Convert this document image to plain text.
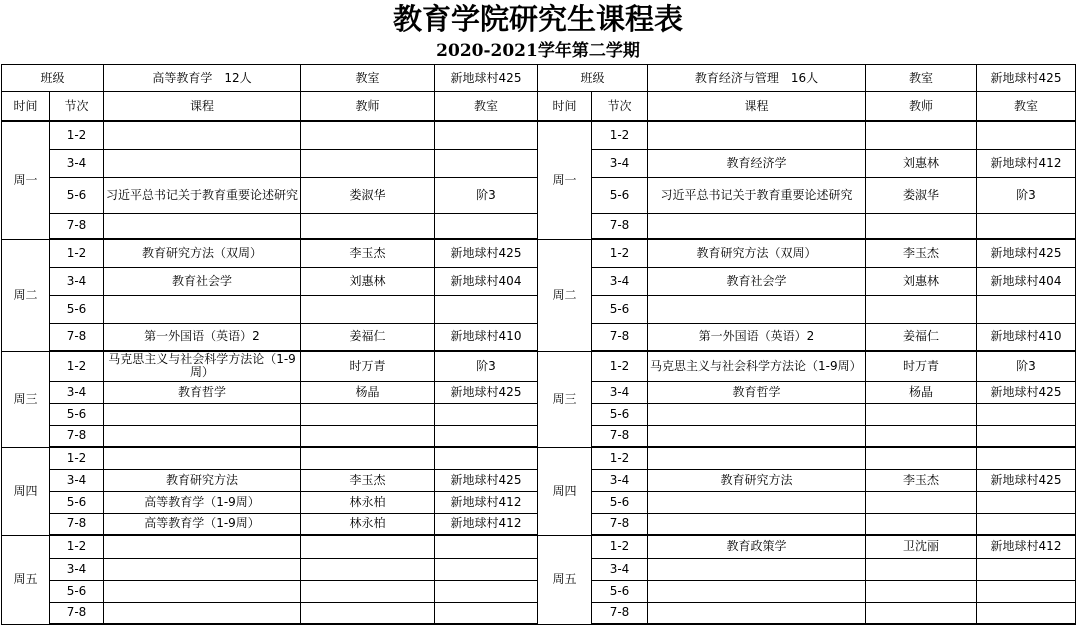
教育学院研究生课程表
2020-2021学年第二学期
班级		高等教育学　12人	教室	新地球村425	班级		教育经济与管理　16人	教室	新地球村425
时间	节次	课程	教师	教室	时间	节次	课程	教师	教室
周一	1-2				周一	1-2	

	3-4					3-4	教育经济学	刘惠林	新地球村412
	5-6	习近平总书记关于教育重要论述研究	娄淑华	阶3		5-6	习近平总书记关于教育重要论述研究	娄淑华	阶3
	7-8					7-8	

周二	1-2	教育研究方法（双周）	李玉杰	新地球村425	周二	1-2	教育研究方法（双周）	李玉杰	新地球村425
	3-4	教育社会学	刘惠林	新地球村404		3-4	教育社会学	刘惠林	新地球村404
	5-6					5-6	

	7-8	第一外国语（英语）2	姜福仁	新地球村410		7-8	第一外国语（英语）2	姜福仁	新地球村410
周三	1-2	马克思主义与社会科学方法论（1-9周）	时万青	阶3	周三	1-2	马克思主义与社会科学方法论（1-9周）	时万青	阶3
	3-4	教育哲学	杨晶	新地球村425		3-4	教育哲学	杨晶	新地球村425
	5-6					5-6	

	7-8					7-8	

周四	1-2				周四	1-2	

	3-4	教育研究方法	李玉杰	新地球村425		3-4	教育研究方法	李玉杰	新地球村425
	5-6	高等教育学（1-9周）	林永柏	新地球村412		5-6	

	7-8	高等教育学（1-9周）	林永柏	新地球村412		7-8	

周五	1-2				周五	1-2	教育政策学	卫沈丽	新地球村412
	3-4					3-4	

	5-6					5-6	

	7-8					7-8	
